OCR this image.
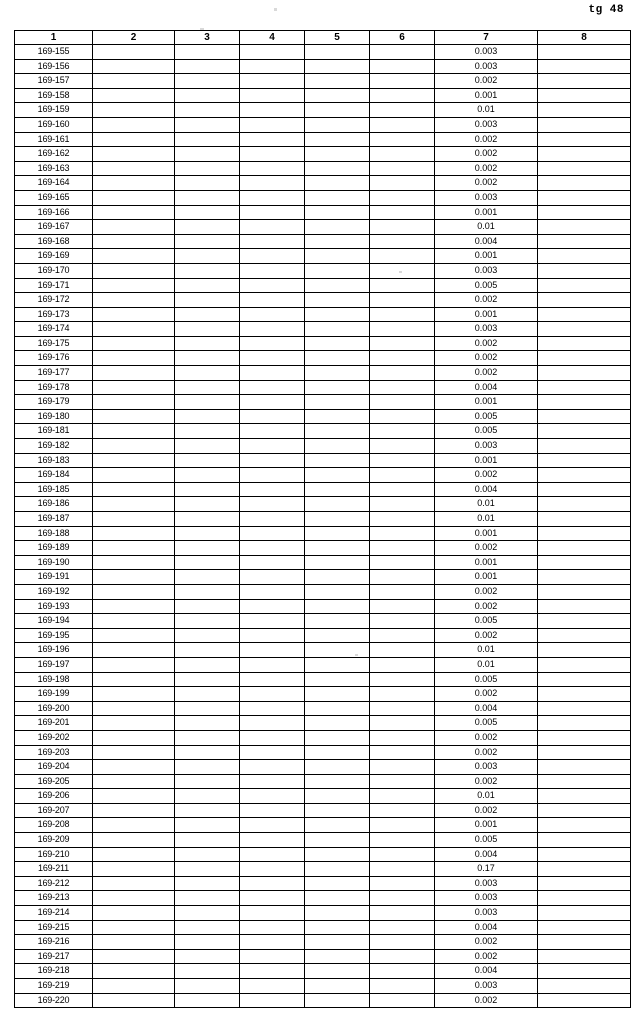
tg 48
1	2	3	4	5	6	7	8
169-155						0.003	
169-156						0.003	
169-157						0.002	
169-158						0.001	
169-159						0.01	
169-160						0.003	
169-161						0.002	
169-162						0.002	
169-163						0.002	
169-164						0.002	
169-165						0.003	
169-166						0.001	
169-167						0.01	
169-168						0.004	
169-169						0.001	
169-170						0.003	
169-171						0.005	
169-172						0.002	
169-173						0.001	
169-174						0.003	
169-175						0.002	
169-176						0.002	
169-177						0.002	
169-178						0.004	
169-179						0.001	
169-180						0.005	
169-181						0.005	
169-182						0.003	
169-183						0.001	
169-184						0.002	
169-185						0.004	
169-186						0.01	
169-187						0.01	
169-188						0.001	
169-189						0.002	
169-190						0.001	
169-191						0.001	
169-192						0.002	
169-193						0.002	
169-194						0.005	
169-195						0.002	
169-196						0.01	
169-197						0.01	
169-198						0.005	
169-199						0.002	
169-200						0.004	
169-201						0.005	
169-202						0.002	
169-203						0.002	
169-204						0.003	
169-205						0.002	
169-206						0.01	
169-207						0.002	
169-208						0.001	
169-209						0.005	
169-210						0.004	
169-211						0.17	
169-212						0.003	
169-213						0.003	
169-214						0.003	
169-215						0.004	
169-216						0.002	
169-217						0.002	
169-218						0.004	
169-219						0.003	
169-220						0.002	
